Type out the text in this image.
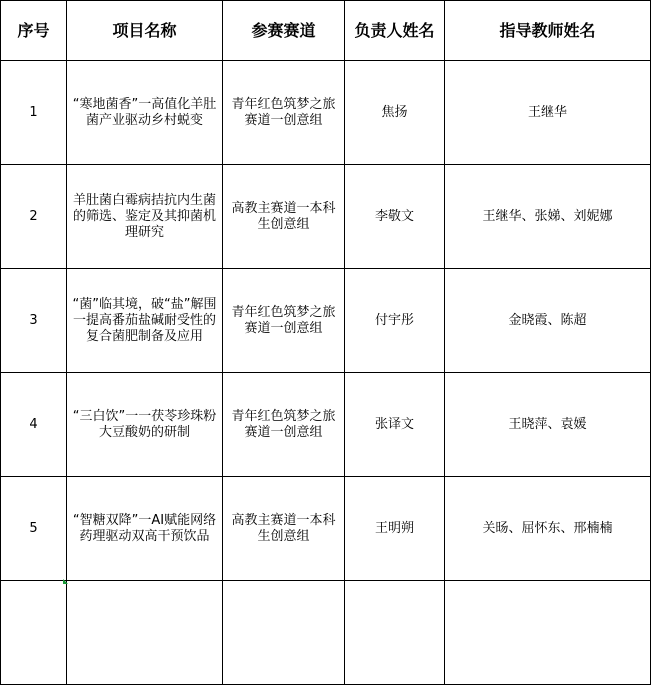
序号	项目名称	参赛赛道	负责人姓名	指导教师姓名
1	“寒地菌香”一高值化羊肚菌产业驱动乡村蜕变	青年红色筑梦之旅赛道一创意组	焦扬	王继华
2	羊肚菌白霉病拮抗内生菌的筛选、鉴定及其抑菌机理研究	高教主赛道一本科生创意组	李敬文	王继华、张娣、刘妮娜
3	“菌”临其境，破“盐”解围一提高番茄盐碱耐受性的复合菌肥制备及应用	青年红色筑梦之旅赛道一创意组	付宇彤	金晓霞、陈超
4	“三白饮”一一茯苓珍珠粉大豆酸奶的研制	青年红色筑梦之旅赛道一创意组	张译文	王晓萍、袁媛
5	“智糖双降”一AI赋能网络药理驱动双高干预饮品	高教主赛道一本科生创意组	王明朔	关旸、屈怀东、邢楠楠
